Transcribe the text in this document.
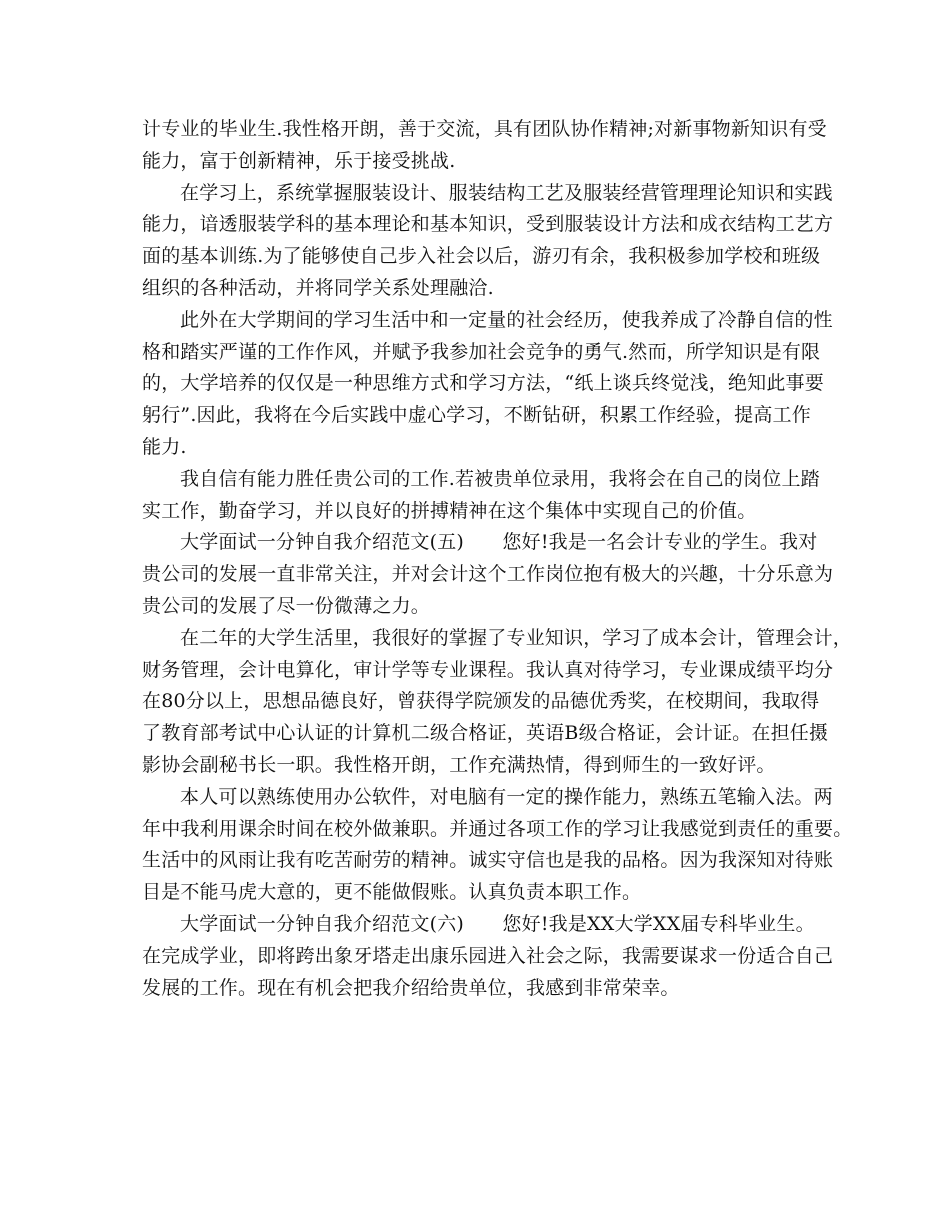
计专业的毕业生.我性格开朗，善于交流，具有团队协作精神;对新事物新知识有受
能力，富于创新精神，乐于接受挑战.
在学习上，系统掌握服装设计、服装结构工艺及服装经营管理理论知识和实践
能力，谙透服装学科的基本理论和基本知识，受到服装设计方法和成衣结构工艺方
面的基本训练.为了能够使自己步入社会以后，游刃有余，我积极参加学校和班级
组织的各种活动，并将同学关系处理融洽.
此外在大学期间的学习生活中和一定量的社会经历，使我养成了冷静自信的性
格和踏实严谨的工作作风，并赋予我参加社会竞争的勇气.然而，所学知识是有限
的，大学培养的仅仅是一种思维方式和学习方法，“纸上谈兵终觉浅，绝知此事要
躬行”.因此，我将在今后实践中虚心学习，不断钻研，积累工作经验，提高工作
能力.
我自信有能力胜任贵公司的工作.若被贵单位录用，我将会在自己的岗位上踏
实工作，勤奋学习，并以良好的拼搏精神在这个集体中实现自己的价值。
大学面试一分钟自我介绍范文(五)　　您好!我是一名会计专业的学生。我对
贵公司的发展一直非常关注，并对会计这个工作岗位抱有极大的兴趣，十分乐意为
贵公司的发展了尽一份微薄之力。
在二年的大学生活里，我很好的掌握了专业知识，学习了成本会计，管理会计，
财务管理，会计电算化，审计学等专业课程。我认真对待学习，专业课成绩平均分
在80分以上，思想品德良好，曾获得学院颁发的品德优秀奖，在校期间，我取得
了教育部考试中心认证的计算机二级合格证，英语B级合格证，会计证。在担任摄
影协会副秘书长一职。我性格开朗，工作充满热情，得到师生的一致好评。
本人可以熟练使用办公软件，对电脑有一定的操作能力，熟练五笔输入法。两
年中我利用课余时间在校外做兼职。并通过各项工作的学习让我感觉到责任的重要。
生活中的风雨让我有吃苦耐劳的精神。诚实守信也是我的品格。因为我深知对待账
目是不能马虎大意的，更不能做假账。认真负责本职工作。
大学面试一分钟自我介绍范文(六)　　您好!我是XX大学XX届专科毕业生。
在完成学业，即将跨出象牙塔走出康乐园进入社会之际，我需要谋求一份适合自己
发展的工作。现在有机会把我介绍给贵单位，我感到非常荣幸。
